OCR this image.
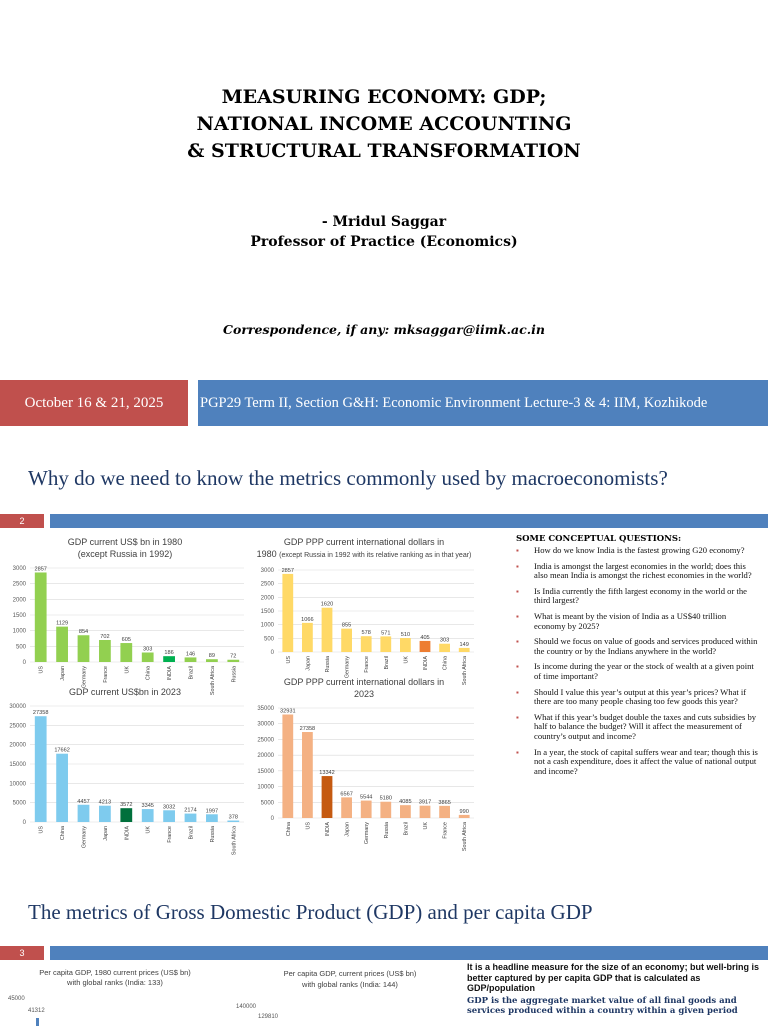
MEASURING ECONOMY: GDP;
NATIONAL INCOME ACCOUNTING
& STRUCTURAL TRANSFORMATION
- Mridul Saggar
Professor of Practice (Economics)
Correspondence, if any: mksaggar@iimk.ac.in
October 16 & 21, 2025	PGP29 Term II, Section G&H: Economic Environment Lecture-3 & 4: IIM, Kozhikode
Why do we need to know the metrics commonly used by macroeconomists?
2
GDP current US$ bn in 1980
(except Russia in 1992)
3000
2500
2000
1500
1000
500
0
2857
US
1129
Japan
854
Germany
702
France
605
UK
303
China
186
INDIA
146
Brazil
89
South Africa
72
Russia
GDP PPP current international dollars in
1980 (except Russia in 1992 with its relative ranking as in that year)
3000
2500
2000
1500
1000
500
0
2857
US
1066
Japan
1620
Russia
855
Germany
578
France
571
Brazil
510
UK
405
INDIA
303
China
149
South Africa
GDP current US$bn in 2023
30000
25000
20000
15000
10000
5000
0
27358
US
17662
China
4457
Germany
4213
Japan
3572
INDIA
3345
UK
3032
France
2174
Brazil
1997
Russia
378
South Africa
GDP PPP current international dollars in
2023
35000
30000
25000
20000
15000
10000
5000
0
32931
China
27358
US
13342
INDIA
6567
Japan
5544
Germany
5180
Russia
4085
Brazil
3917
UK
3865
France
990
South Africa
SOME CONCEPTUAL QUESTIONS:
▪ How do we know India is the fastest growing G20 economy?
▪ India is amongst the largest economies in the world; does this also mean India is amongst the richest economies in the world?
▪ Is India currently the fifth largest economy in the world or the third largest?
▪ What is meant by the vision of India as a US$40 trillion economy by 2025?
▪ Should we focus on value of goods and services produced within the country or by the Indians anywhere in the world?
▪ Is income during the year or the stock of wealth at a given point of time important?
▪ Should I value this year’s output at this year’s prices? What if there are too many people chasing too few goods this year?
▪ What if this year’s budget double the taxes and cuts subsidies by half to balance the budget? Will it affect the measurement of country’s output and income?
▪ In a year, the stock of capital suffers wear and tear; though this is not a cash expenditure, does it affect the value of national output and income?
The metrics of Gross Domestic Product (GDP) and per capita GDP
3
Per capita GDP, 1980 current prices (US$ bn)
with global ranks (India: 133)
45000
41312
Per capita GDP, current prices (US$ bn)
with global ranks (India: 144)
140000
129810
It is a headline measure for the size of an economy; but well-bring is better captured by per capita GDP that is calculated as GDP/population
GDP is the aggregate market value of all final goods and services produced within a country within a given period
